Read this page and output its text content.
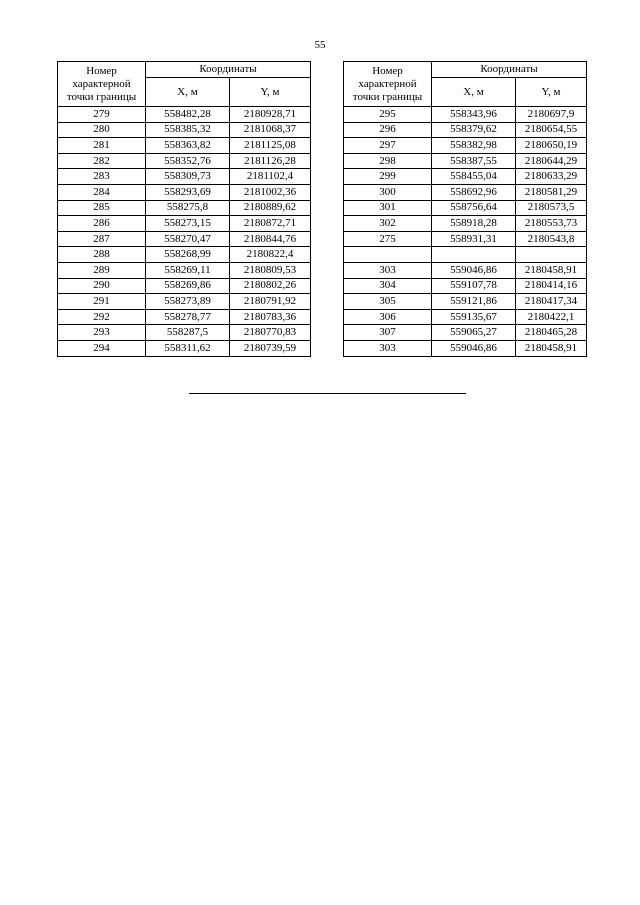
55
Номер характерной точки границы	Координаты	
	X, м	Y, м
279	558482,28	2180928,71
280	558385,32	2181068,37
281	558363,82	2181125,08
282	558352,76	2181126,28
283	558309,73	2181102,4
284	558293,69	2181002,36
285	558275,8	2180889,62
286	558273,15	2180872,71
287	558270,47	2180844,76
288	558268,99	2180822,4
289	558269,11	2180809,53
290	558269,86	2180802,26
291	558273,89	2180791,92
292	558278,77	2180783,36
293	558287,5	2180770,83
294	558311,62	2180739,59
Номер характерной точки границы	Координаты	
	X, м	Y, м
295	558343,96	2180697,9
296	558379,62	2180654,55
297	558382,98	2180650,19
298	558387,55	2180644,29
299	558455,04	2180633,29
300	558692,96	2180581,29
301	558756,64	2180573,5
302	558918,28	2180553,73
275	558931,31	2180543,8

303	559046,86	2180458,91
304	559107,78	2180414,16
305	559121,86	2180417,34
306	559135,67	2180422,1
307	559065,27	2180465,28
303	559046,86	2180458,91
